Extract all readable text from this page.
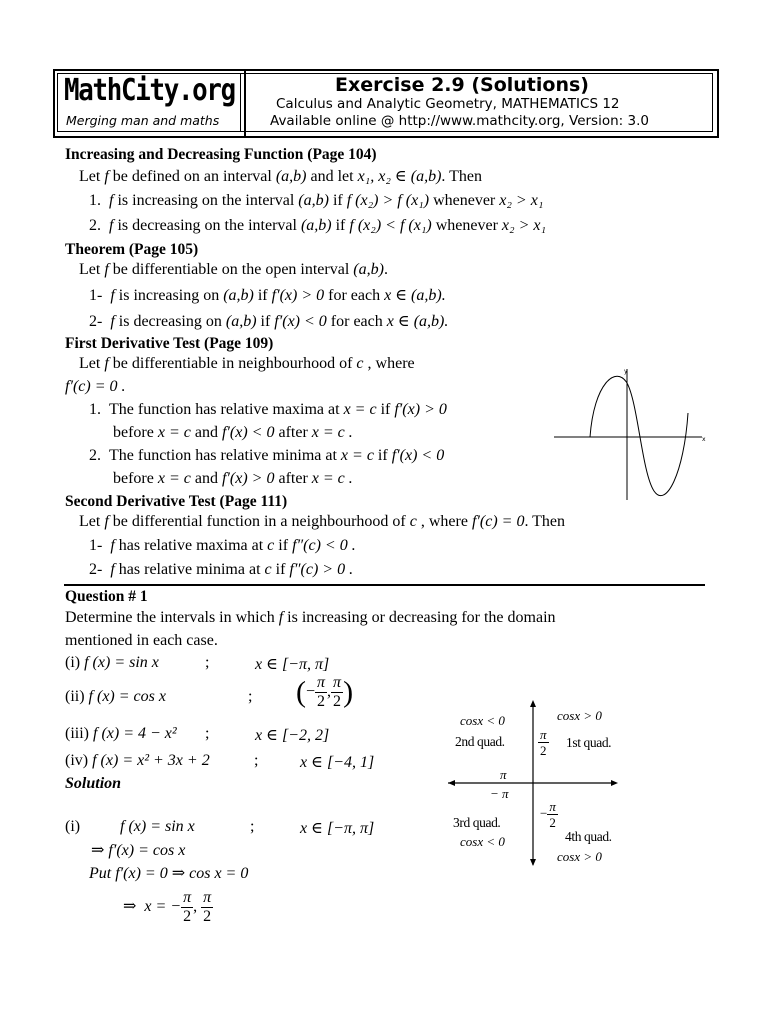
MathCity.org
Merging man and maths
Exercise 2.9 (Solutions)
Calculus and Analytic Geometry, MATHEMATICS 12
Available online @ http://www.mathcity.org, Version: 3.0
Increasing and Decreasing Function (Page 104)
Let f be defined on an interval (a,b) and let x₁, x₂ ∈ (a,b). Then
1. f is increasing on the interval (a,b) if f (x₂) > f (x₁) whenever x₂ > x₁
2. f is decreasing on the interval (a,b) if f (x₂) < f (x₁) whenever x₂ > x₁
Theorem (Page 105)
Let f be differentiable on the open interval (a,b).
1- f is increasing on (a,b) if f′(x) > 0 for each x ∈ (a,b).
2- f is decreasing on (a,b) if f′(x) < 0 for each x ∈ (a,b).
First Derivative Test (Page 109)
Let f be differentiable in neighbourhood of c , where
f′(c) = 0 .
1. The function has relative maxima at x = c if f′(x) > 0
before x = c and f′(x) < 0 after x = c .
2. The function has relative minima at x = c if f′(x) < 0
before x = c and f′(x) > 0 after x = c .
x
y
Second Derivative Test (Page 111)
Let f be differential function in a neighbourhood of c , where f′(c) = 0. Then
1- f has relative maxima at c if f″(c) < 0 .
2- f has relative minima at c if f″(c) > 0 .
Question # 1
Determine the intervals in which f is increasing or decreasing for the domain
mentioned in each case.
(i) f (x) = sin x	;	x ∈ [−π, π]
(ii) f (x) = cos x	; (− $\frac{\pi}{2}$ , $\frac{\pi}{2}$ )
(iii) f (x) = 4 − x² ;	x ∈ [−2, 2]
(iv) f (x) = x² + 3x + 2	;	x ∈ [−4, 1]
Solution
(i) f (x) = sin x	;	x ∈ [−π, π]
⇒ f′(x) = cos x
Put f′(x) = 0 ⇒ cos x = 0
⇒ x = − $\frac{\pi}{2}$ , $\frac{\pi}{2}$
cosx < 0	cosx > 0
2nd quad.	1st quad.
$\frac{\pi}{2}$
π
− π
− $\frac{\pi}{2}$
3rd quad.
4th quad.
cosx < 0
cosx > 0
